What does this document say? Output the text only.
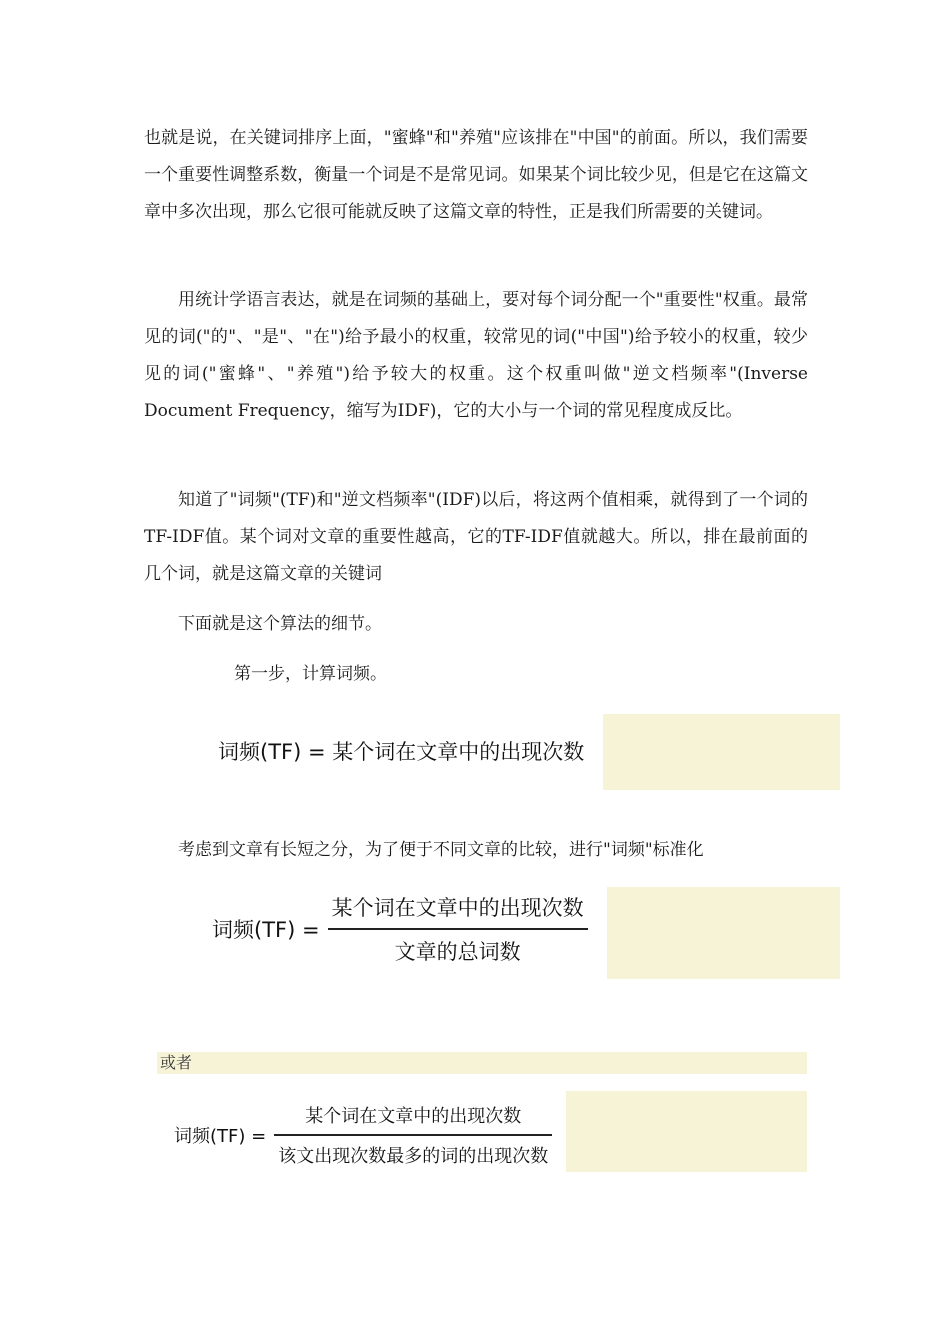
也就是说，在关键词排序上面，"蜜蜂"和"养殖"应该排在"中国"的前面。所以，我们需要一个重要性调整系数，衡量一个词是不是常见词。如果某个词比较少见，但是它在这篇文章中多次出现，那么它很可能就反映了这篇文章的特性，正是我们所需要的关键词。

用统计学语言表达，就是在词频的基础上，要对每个词分配一个"重要性"权重。最常见的词("的"、"是"、"在")给予最小的权重，较常见的词("中国")给予较小的权重，较少见的词("蜜蜂"、"养殖")给予较大的权重。这个权重叫做"逆文档频率"(Inverse Document Frequency，缩写为IDF)，它的大小与一个词的常见程度成反比。

知道了"词频"(TF)和"逆文档频率"(IDF)以后，将这两个值相乘，就得到了一个词的TF-IDF值。某个词对文章的重要性越高，它的TF-IDF值就越大。所以，排在最前面的几个词，就是这篇文章的关键词

下面就是这个算法的细节。

第一步，计算词频。
词频(TF) = 某个词在文章中的出现次数

考虑到文章有长短之分，为了便于不同文章的比较，进行"词频"标准化

词频$(TF) = \frac{\text{某个词在文章中的出现次数}}{\text{文章的总词数}}$
或者
词频$(TF) = \frac{\text{某个词在文章中的出现次数}}{\text{该文出现次数最多的词的出现次数}}$
